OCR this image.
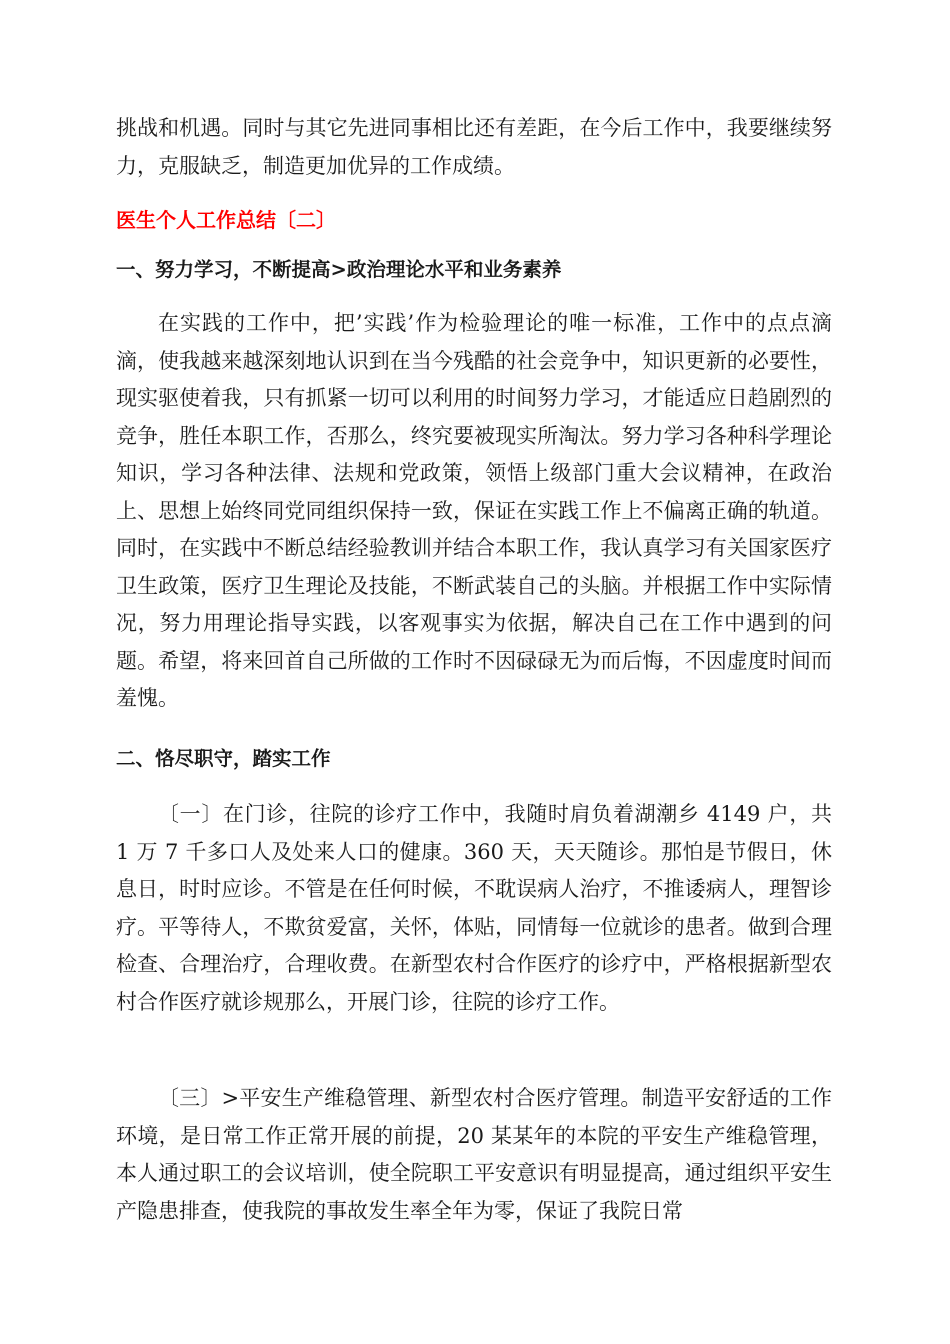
挑战和机遇。同时与其它先进同事相比还有差距，在今后工作中，我要继续努力，克服缺乏，制造更加优异的工作成绩。

医生个人工作总结〔二〕
一、努力学习，不断提高>政治理论水平和业务素养

在实践的工作中，把’实践’作为检验理论的唯一标准，工作中的点点滴滴，使我越来越深刻地认识到在当今残酷的社会竞争中，知识更新的必要性，现实驱使着我，只有抓紧一切可以利用的时间努力学习，才能适应日趋剧烈的竞争，胜任本职工作，否那么，终究要被现实所淘汰。努力学习各种科学理论知识，学习各种法律、法规和党政策，领悟上级部门重大会议精神，在政治上、思想上始终同党同组织保持一致，保证在实践工作上不偏离正确的轨道。同时，在实践中不断总结经验教训并结合本职工作，我认真学习有关国家医疗卫生政策，医疗卫生理论及技能，不断武装自己的头脑。并根据工作中实际情况，努力用理论指导实践，以客观事实为依据，解决自己在工作中遇到的问题。希望，将来回首自己所做的工作时不因碌碌无为而后悔，不因虚度时间而羞愧。

二、恪尽职守，踏实工作

〔一〕在门诊，往院的诊疗工作中，我随时肩负着湖潮乡 4149 户，共 1 万 7 千多口人及处来人口的健康。360 天，天天随诊。那怕是节假日，休息日，时时应诊。不管是在任何时候，不耽误病人治疗，不推诿病人，理智诊疗。平等待人，不欺贫爱富，关怀，体贴，同情每一位就诊的患者。做到合理检查、合理治疗，合理收费。在新型农村合作医疗的诊疗中，严格根据新型农村合作医疗就诊规那么，开展门诊，往院的诊疗工作。

〔三〕>平安生产维稳管理、新型农村合医疗管理。制造平安舒适的工作环境，是日常工作正常开展的前提，20 某某年的本院的平安生产维稳管理，本人通过职工的会议培训，使全院职工平安意识有明显提高，通过组织平安生产隐患排查，使我院的事故发生率全年为零，保证了我院日常
